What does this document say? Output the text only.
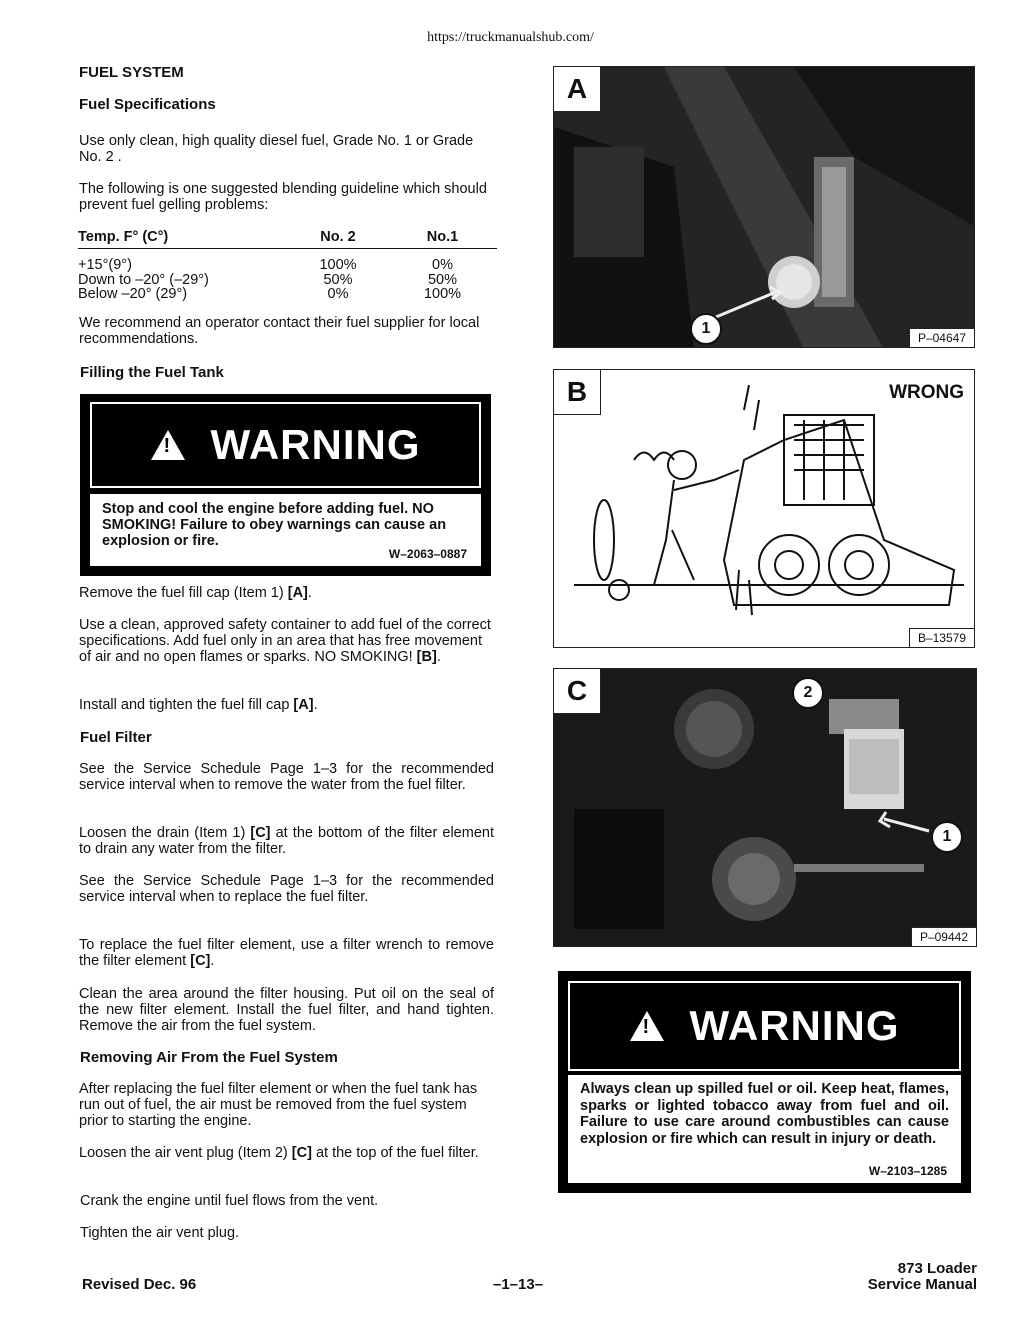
https://truckmanualshub.com/
FUEL SYSTEM
Fuel Specifications
Use only clean, high quality diesel fuel, Grade No. 1 or Grade No. 2 .
The following is one suggested blending guideline which should prevent fuel gelling problems:
Temp. F° (C°)	No. 2	No.1
+15°(9°)	100%	0%
Down to –20° (–29°)	50%	50%
Below –20° (29°)	0%	100%
We recommend an operator contact their fuel supplier for local recommendations.
Filling the Fuel Tank
! WARNING
Stop and cool the engine before adding fuel. NO SMOKING! Failure to obey warnings can cause an explosion or fire.
W–2063–0887
Remove the fuel fill cap (Item 1) [A].
Use a clean, approved safety container to add fuel of the correct specifications. Add fuel only in an area that has free movement of air and no open flames or sparks. NO SMOKING! [B].
Install and tighten the fuel fill cap [A].
Fuel Filter
See the Service Schedule Page 1–3 for the recommended service interval when to remove the water from the fuel filter.
Loosen the drain (Item 1) [C] at the bottom of the filter element to drain any water from the filter.
See the Service Schedule Page 1–3 for the recommended service interval when to replace the fuel filter.
To replace the fuel filter element, use a filter wrench to remove the filter element [C].
Clean the area around the filter housing. Put oil on the seal of the new filter element. Install the fuel filter, and hand tighten. Remove the air from the fuel system.
Removing Air From the Fuel System
After replacing the fuel filter element or when the fuel tank has run out of fuel, the air must be removed from the fuel system prior to starting the engine.
Loosen the air vent plug (Item 2) [C] at the top of the fuel filter.
Crank the engine until fuel flows from the vent.
Tighten the air vent plug.
A
1
P–04647
B	WRONG
B–13579
C	2
1
P–09442
! WARNING
Always clean up spilled fuel or oil. Keep heat, flames, sparks or lighted tobacco away from fuel and oil. Failure to use care around combustibles can cause explosion or fire which can result in injury or death.
W–2103–1285
Revised Dec. 96	–1–13–
873 Loader
Service Manual
